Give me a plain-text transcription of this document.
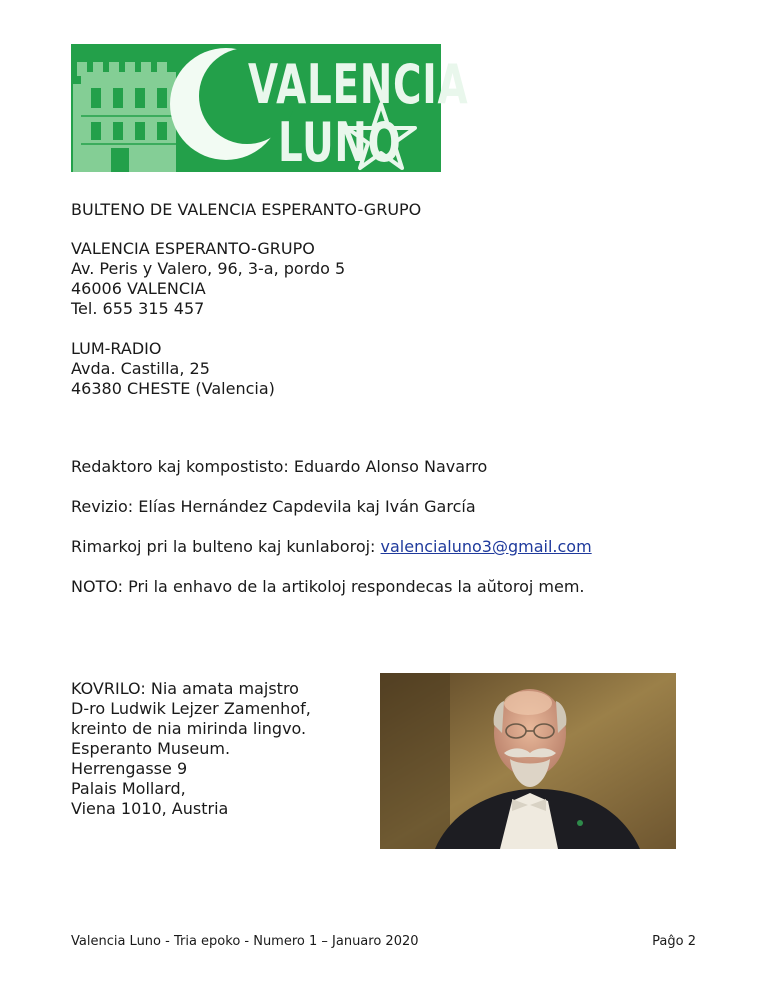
VALENCIA
LUNO
BULTENO DE VALENCIA ESPERANTO-GRUPO
VALENCIA ESPERANTO-GRUPO
Av. Peris y Valero, 96, 3-a, pordo 5
46006 VALENCIA
Tel. 655 315 457
LUM-RADIO
Avda. Castilla, 25
46380 CHESTE (Valencia)
Redaktoro kaj kompostisto: Eduardo Alonso Navarro
Revizio: Elías Hernández Capdevila kaj Iván García
Rimarkoj pri la bulteno kaj kunlaboroj: valencialuno3@gmail.com
NOTO: Pri la enhavo de la artikoloj respondecas la aŭtoroj mem.
KOVRILO: Nia amata majstro
D-ro Ludwik Lejzer Zamenhof,
kreinto de nia mirinda lingvo.
Esperanto Museum.
Herrengasse 9
Palais Mollard,
Viena 1010, Austria
Valencia Luno - Tria epoko - Numero 1 – Januaro 2020	Paĝo 2
